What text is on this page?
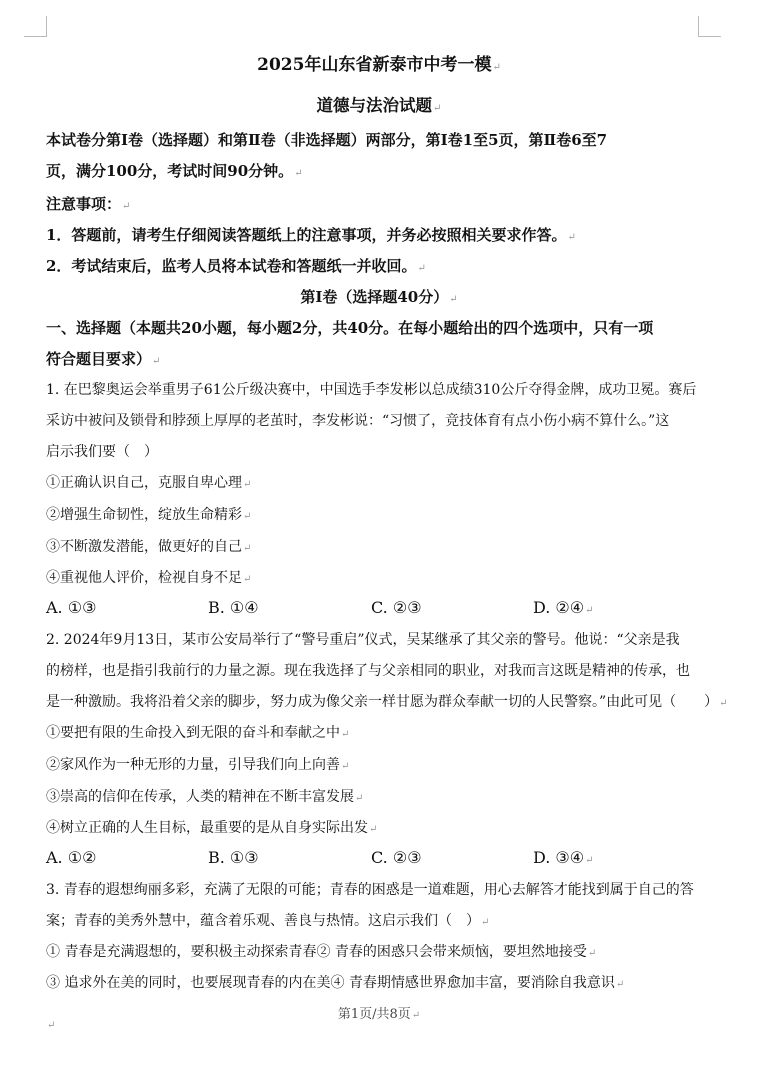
2025年山东省新泰市中考一模↵
道德与法治试题↵
本试卷分第Ⅰ卷（选择题）和第Ⅱ卷（非选择题）两部分，第Ⅰ卷1至5页，第Ⅱ卷6至7
页，满分100分，考试时间90分钟。↵
注意事项：↵
1．答题前，请考生仔细阅读答题纸上的注意事项，并务必按照相关要求作答。↵
2．考试结束后，监考人员将本试卷和答题纸一并收回。↵
第Ⅰ卷（选择题40分）↵
一、选择题（本题共20小题，每小题2分，共40分。在每小题给出的四个选项中，只有一项
符合题目要求）↵
1. 在巴黎奥运会举重男子61公斤级决赛中，中国选手李发彬以总成绩310公斤夺得金牌，成功卫冕。赛后
采访中被问及锁骨和脖颈上厚厚的老茧时，李发彬说：“习惯了，竞技体育有点小伤小病不算什么。”这
启示我们要（　）
①正确认识自己，克服自卑心理↵
②增强生命韧性，绽放生命精彩↵
③不断激发潜能，做更好的自己↵
④重视他人评价，检视自身不足↵
A. ①③	B. ①④	C. ②③	D. ②④↵
2. 2024年9月13日，某市公安局举行了“警号重启”仪式，吴某继承了其父亲的警号。他说：“父亲是我
的榜样，也是指引我前行的力量之源。现在我选择了与父亲相同的职业，对我而言这既是精神的传承，也
是一种激励。我将沿着父亲的脚步，努力成为像父亲一样甘愿为群众奉献一切的人民警察。”由此可见（　　）↵
①要把有限的生命投入到无限的奋斗和奉献之中↵
②家风作为一种无形的力量，引导我们向上向善↵
③崇高的信仰在传承，人类的精神在不断丰富发展↵
④树立正确的人生目标，最重要的是从自身实际出发↵
A. ①②	B. ①③	C. ②③	D. ③④↵
3. 青春的遐想绚丽多彩，充满了无限的可能；青春的困惑是一道难题，用心去解答才能找到属于自己的答
案；青春的美秀外慧中，蕴含着乐观、善良与热情。这启示我们（　）↵
① 青春是充满遐想的，要积极主动探索青春② 青春的困惑只会带来烦恼，要坦然地接受↵
③ 追求外在美的同时，也要展现青春的内在美④ 青春期情感世界愈加丰富，要消除自我意识↵
第1页/共8页↵
↵
